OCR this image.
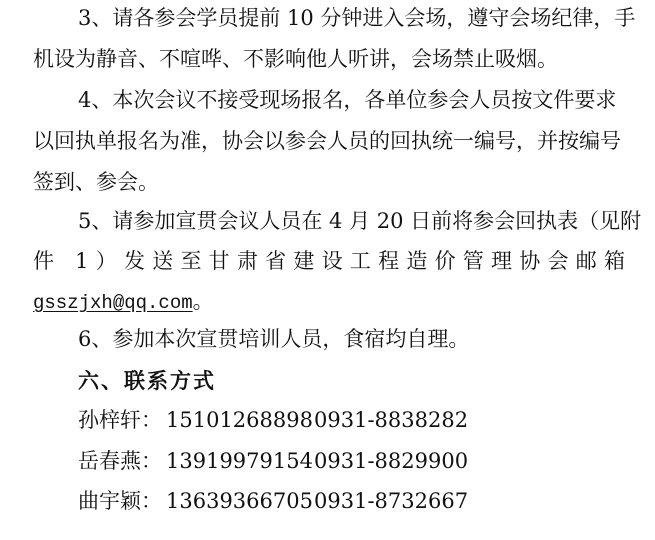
3、请各参会学员提前 10 分钟进入会场，遵守会场纪律，手
机设为静音、不喧哗、不影响他人听讲，会场禁止吸烟。
4、本次会议不接受现场报名，各单位参会人员按文件要求
以回执单报名为准，协会以参会人员的回执统一编号，并按编号
签到、参会。
5、请参加宣贯会议人员在 4 月 20 日前将参会回执表（见附
件 1）发送至甘肃省建设工程造价管理协会邮箱
gsszjxh@qq.com。
6、参加本次宣贯培训人员，食宿均自理。
六、联系方式
孙梓轩： 151012688980931-8838282
岳春燕： 139199791540931-8829900
曲宇颖： 136393667050931-8732667
